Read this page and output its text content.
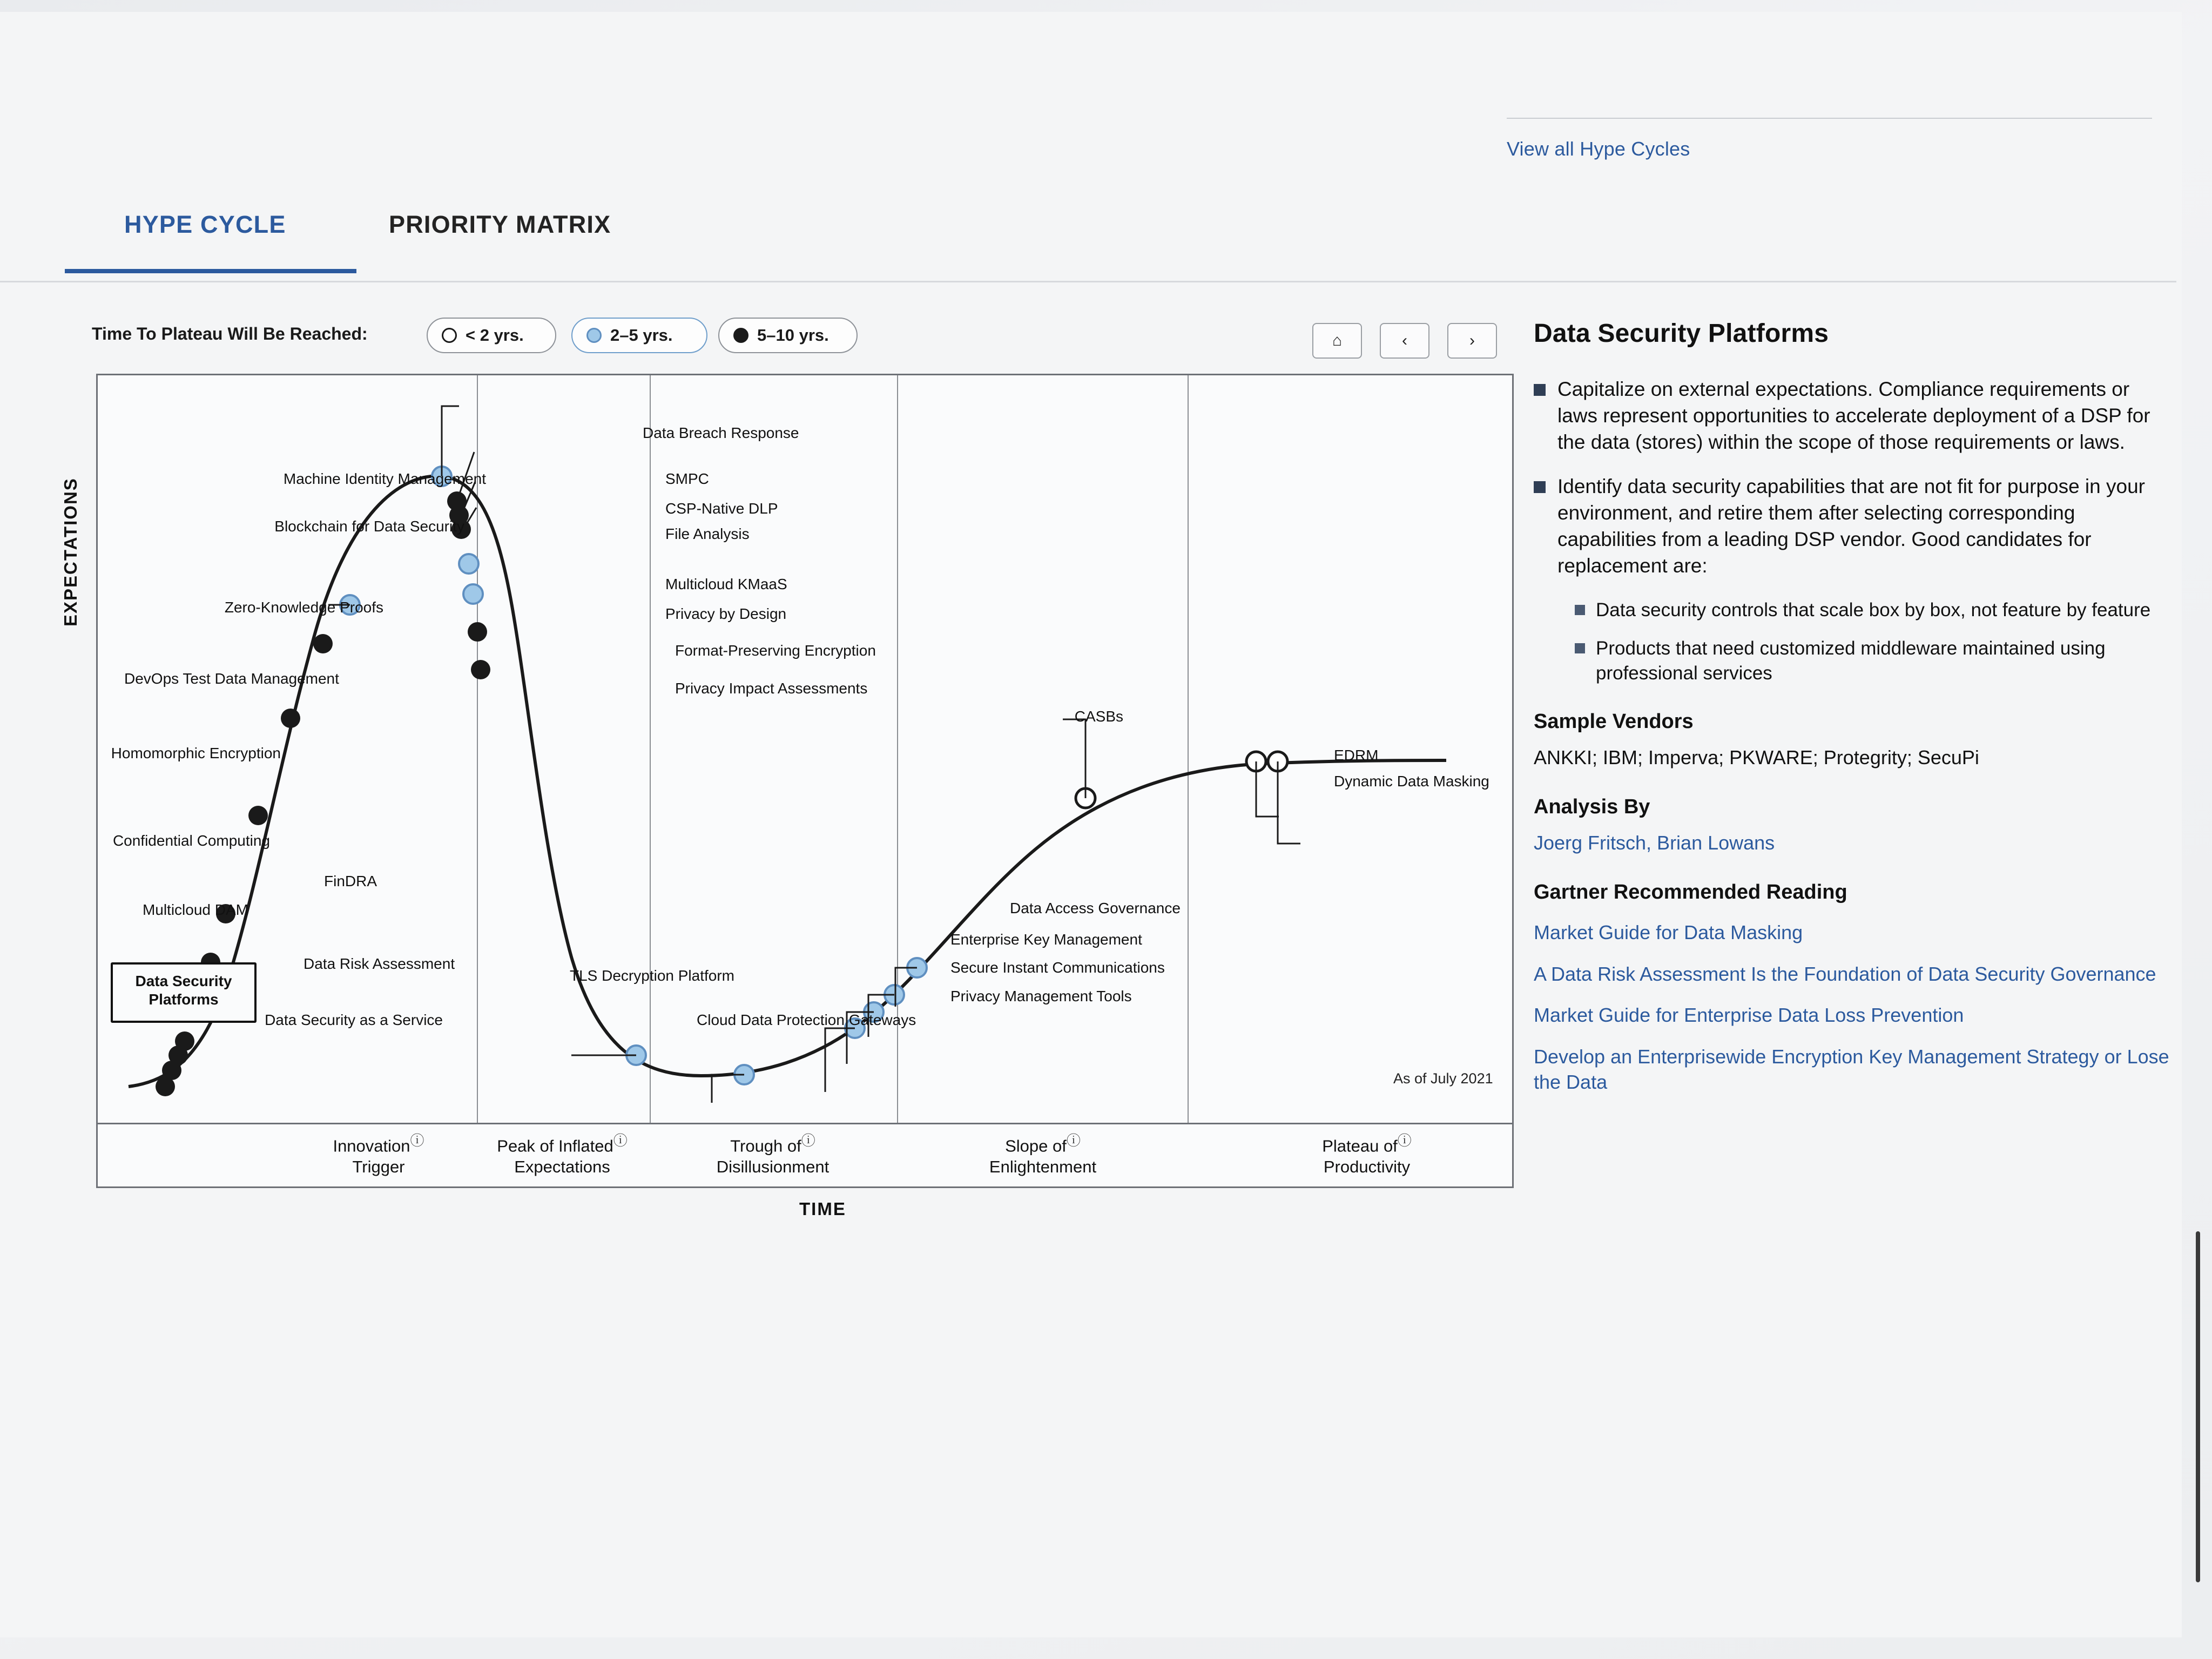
View all Hype Cycles
HYPE CYCLE	PRIORITY MATRIX
Time To Plateau Will Be Reached:	< 2 yrs.	2–5 yrs.	5–10 yrs.	⌂	‹	›
Data Security as a Service
Data Risk Assessment
Multicloud DAM
FinDRA
Confidential Computing
Homomorphic Encryption
DevOps Test Data Management
Zero-Knowledge Proofs
Blockchain for Data Security
Machine Identity Management
Data Breach Response
SMPC
CSP-Native DLP
File Analysis
Multicloud KMaaS
Privacy by Design
Format-Preserving Encryption
Privacy Impact Assessments
TLS Decryption Platform
Cloud Data Protection Gateways
Privacy Management Tools
Secure Instant Communications
Enterprise Key Management
Data Access Governance
CASBs
EDRM
Dynamic Data Masking
Data Security Platforms
As of July 2021
EXPECTATIONS
TIME
Innovationⓘ
Trigger
Peak of Inflatedⓘ
Expectations
Trough ofⓘ
Disillusionment
Slope ofⓘ
Enlightenment
Plateau ofⓘ
Productivity
Data Security Platforms
Capitalize on external expectations. Compliance requirements or laws represent opportunities to accelerate deployment of a DSP for the data (stores) within the scope of those requirements or laws.
Identify data security capabilities that are not fit for purpose in your environment, and retire them after selecting corresponding capabilities from a leading DSP vendor. Good candidates for replacement are:
Data security controls that scale box by box, not feature by feature
Products that need customized middleware maintained using professional services
Sample Vendors
ANKKI; IBM; Imperva; PKWARE; Protegrity; SecuPi
Analysis By
Joerg Fritsch, Brian Lowans
Gartner Recommended Reading
Market Guide for Data Masking
A Data Risk Assessment Is the Foundation of Data Security Governance
Market Guide for Enterprise Data Loss Prevention
Develop an Enterprisewide Encryption Key Management Strategy or Lose the Data
